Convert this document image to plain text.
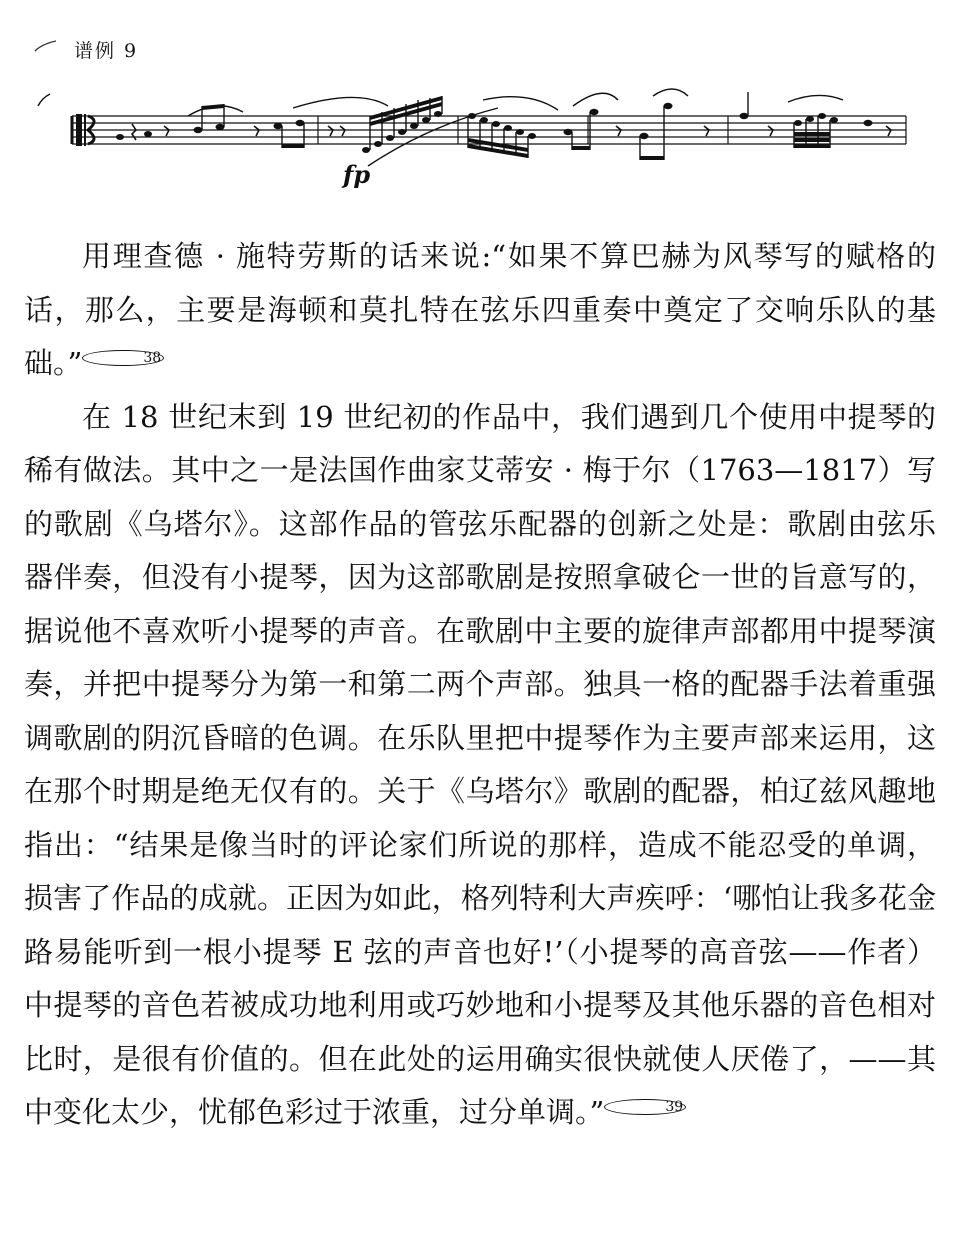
谱例 9
fp

用理查德 · 施特劳斯的话来说:“如果不算巴赫为风琴写的赋格的话，那么，主要是海顿和莫扎特在弦乐四重奏中奠定了交响乐队的基础。”	38

在 18 世纪末到 19 世纪初的作品中，我们遇到几个使用中提琴的稀有做法。其中之一是法国作曲家艾蒂安 · 梅于尔（1763—1817）写的歌剧《乌塔尔》。这部作品的管弦乐配器的创新之处是：歌剧由弦乐器伴奏，但没有小提琴，因为这部歌剧是按照拿破仑一世的旨意写的，据说他不喜欢听小提琴的声音。在歌剧中主要的旋律声部都用中提琴演奏，并把中提琴分为第一和第二两个声部。独具一格的配器手法着重强调歌剧的阴沉昏暗的色调。在乐队里把中提琴作为主要声部来运用，这在那个时期是绝无仅有的。关于《乌塔尔》歌剧的配器，柏辽兹风趣地指出：“结果是像当时的评论家们所说的那样，造成不能忍受的单调，损害了作品的成就。正因为如此，格列特利大声疾呼：‘哪怕让我多花金路易能听到一根小提琴 E 弦的声音也好!’（小提琴的高音弦——作者）中提琴的音色若被成功地利用或巧妙地和小提琴及其他乐器的音色相对比时，是很有价值的。但在此处的运用确实很快就使人厌倦了，——其中变化太少，忧郁色彩过于浓重，过分单调。”	39
